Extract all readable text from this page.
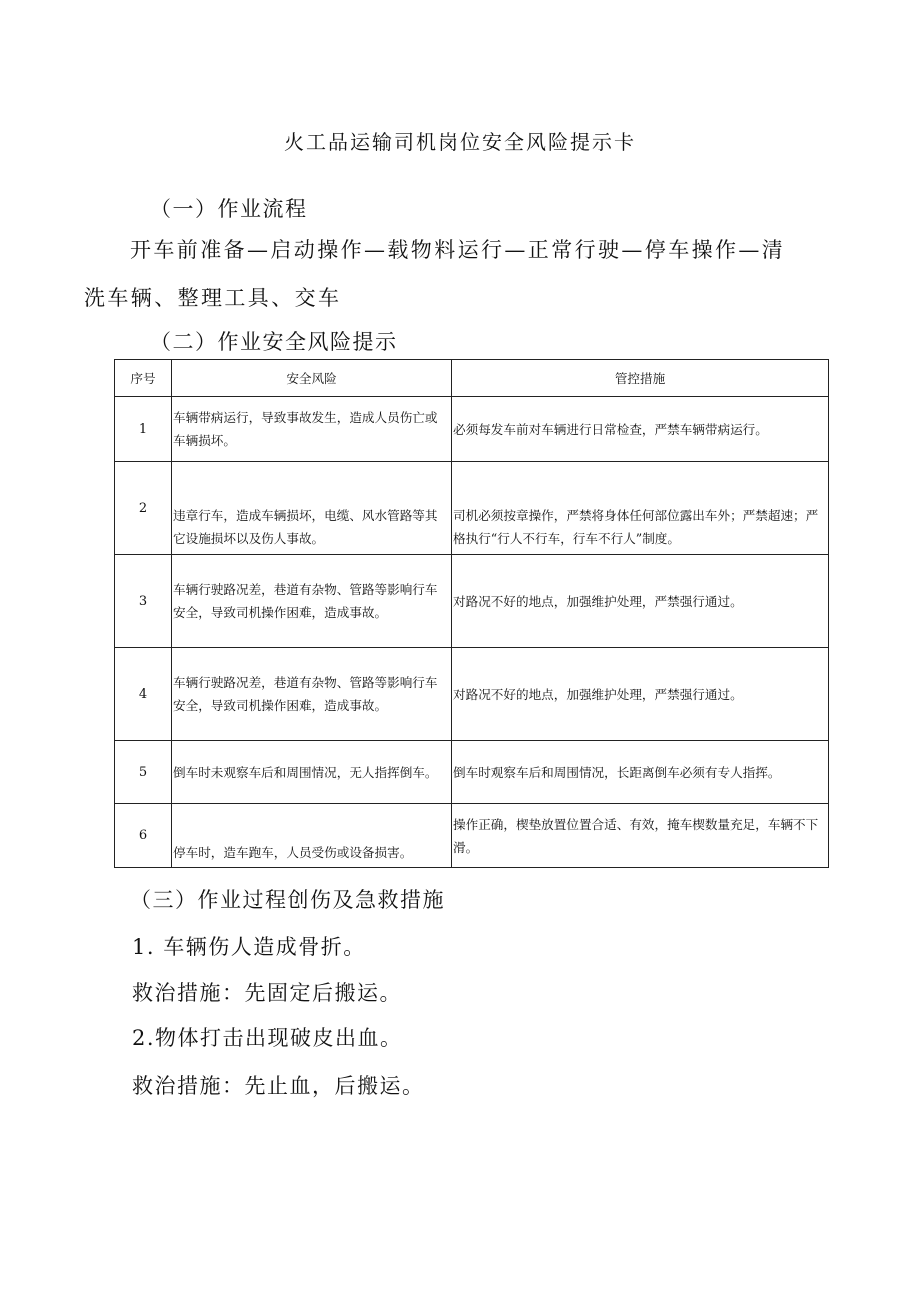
火工品运输司机岗位安全风险提示卡
（一）作业流程
开车前准备—启动操作—载物料运行—正常行驶—停车操作—清
洗车辆、整理工具、交车
（二）作业安全风险提示
序号	安全风险	管控措施
1	车辆带病运行，导致事故发生，造成人员伤亡或车辆损坏。	必须每发车前对车辆进行日常检查，严禁车辆带病运行。
2	违章行车，造成车辆损坏，电缆、风水管路等其它设施损坏以及伤人事故。	司机必须按章操作，严禁将身体任何部位露出车外；严禁超速；严格执行“行人不行车，行车不行人”制度。
3	车辆行驶路况差，巷道有杂物、管路等影响行车安全，导致司机操作困难，造成事故。	对路况不好的地点，加强维护处理，严禁强行通过。
4	车辆行驶路况差，巷道有杂物、管路等影响行车安全，导致司机操作困难，造成事故。	对路况不好的地点，加强维护处理，严禁强行通过。
5	倒车时未观察车后和周围情况，无人指挥倒车。	倒车时观察车后和周围情况，长距离倒车必须有专人指挥。
6	停车时，造车跑车，人员受伤或设备损害。	操作正确，楔垫放置位置合适、有效，掩车楔数量充足，车辆不下滑。
（三）作业过程创伤及急救措施
1. 车辆伤人造成骨折。
救治措施：先固定后搬运。
2.物体打击出现破皮出血。
救治措施：先止血，后搬运。
